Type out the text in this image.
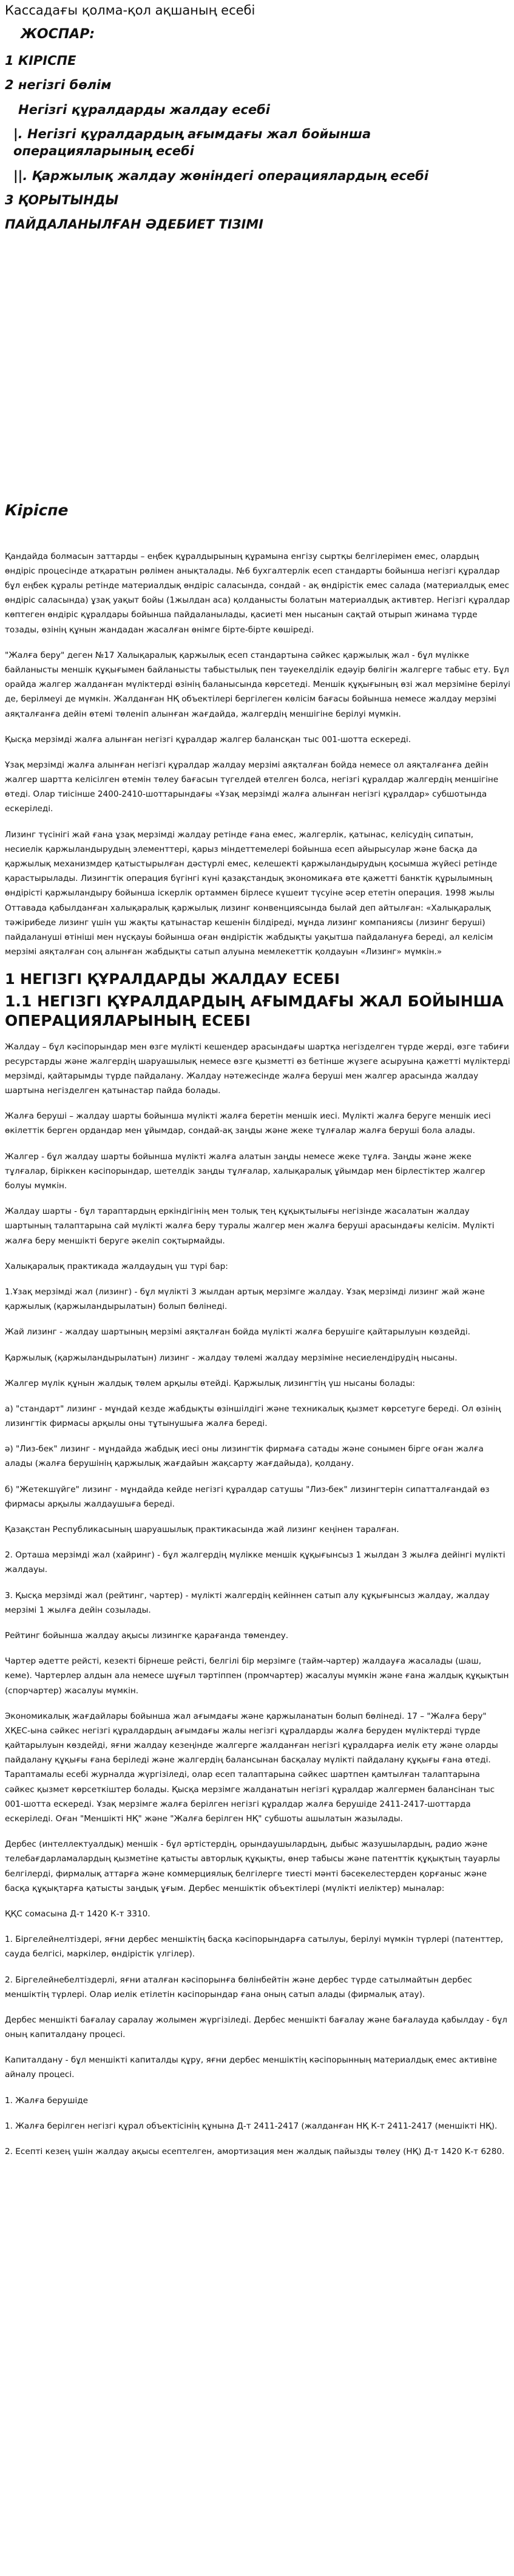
Кассадағы қолма-қол ақшаның есебі
ЖОСПАР:
1 КІРІСПЕ
2 негізгі бөлім
Негізгі құралдарды жалдау есебі
|. Негізгі құралдардың ағымдағы жал бойынша операцияларының есебі
||. Қаржылық жалдау жөніндегі операциялардың есебі
3 ҚОРЫТЫНДЫ
ПАЙДАЛАНЫЛҒАН ӘДЕБИЕТ ТІЗІМІ
Кіріспе

Қандайда болмасын заттарды – еңбек құралдырының құрамына енгізу сыртқы белгілерімен емес, олардың өндіріс процесінде атқаратын рөлімен анықталады. №6 бухгалтерлік есеп стандарты бойынша негізгі құралдар бұл еңбек құралы ретінде материалдық өндіріс саласында, сондай - ақ өндірістік емес салада (материалдық емес өндіріс саласында) ұзақ уақыт бойы (1жылдан аса) қолданысты болатын материалдық активтер. Негізгі құралдар көптеген өндіріс құралдары бойынша пайдаланылады, қасиеті мен нысанын сақтай отырып жинама түрде тозады, өзінің құнын жандадан жасалған өнімге бірте-бірте көшіреді.

"Жалға беру" деген №17 Халықаралық қаржылық есеп стандартына сәйкес қаржылық жал - бұл мүлікке байланысты меншік құқығымен байланысты табыстылық пен тәуекелділік едәуір бөлігін жалгерге табыс ету. Бұл орайда жалгер жалданған мүліктерді өзінің баланысында көрсетеді. Меншік құқығының өзі жал мерзіміне берілуі де, берілмеуі де мүмкін. Жалданған НҚ объектілері бергілеген көлісім бағасы бойынша немесе жалдау мерзімі аяқталғанға дейін өтемі төленіп алынған жағдайда, жалгердің меншігіне берілуі мүмкін.

Қысқа мерзімді жалға алынған негізгі құралдар жалгер балансқан тыс 001-шотта ескереді.

Ұзақ мерзімді жалға алынған негізгі құралдар жалдау мерзімі аяқталған бойда немесе ол аяқталғанға дейін жалгер шартта келісілген өтемін төлеу бағасын түгелдей өтелген болса, негізгі құралдар жалгердің меншігіне өтеді. Олар тиісінше 2400-2410-шоттарындағы «Ұзақ мерзімді жалға алынған негізгі құралдар» субшотында ескеріледі.

Лизинг түсінігі жай ғана ұзақ мерзімді жалдау ретінде ғана емес, жалгерлік, қатынас, келісудің сипатын, несиелік қаржыландырудың элементтері, қарыз міндеттемелері бойынша есеп айырысулар және басқа да қаржылық механизмдер қатыстырылған дәстүрлі емес, келешекті қаржыландырудың қосымша жүйесі ретінде қарастырылады. Лизингтік операция бүгінгі күні қазақстандық экономикаға өте қажетті банктік құрылымның өндірісті қаржыландыру бойынша іскерлік ортаммен бірлесе күшеит түсуіне әсер ететін операция. 1998 жылы Оттавада қабылданған халықаралық қаржылық лизинг конвенциясында былай деп айтылған: «Халықаралық тәжірибеде лизинг үшін үш жақты қатынастар кешенін білдіреді, мұнда лизинг компаниясы (лизинг беруші) пайдалануші өтініші мен нұсқауы бойынша оған өндірістік жабдықты уақытша пайдалануға береді, ал келісім мерзімі аяқталған соң алынған жабдықты сатып алуына мемлекеттік қолдауын «Лизинг» мүмкін.»

1 НЕГІЗГІ ҚҰРАЛДАРДЫ ЖАЛДАУ ЕСЕБІ
1.1 НЕГІЗГІ ҚҰРАЛДАРДЫҢ АҒЫМДАҒЫ ЖАЛ БОЙЫНША ОПЕРАЦИЯЛАРЫНЫҢ ЕСЕБІ

Жалдау – бұл кәсіпорындар мен өзге мүлікті кешендер арасындағы шартқа негізделген түрде жердi, өзге табиғи ресурстарды және жалгердің шаруашылық немесе өзге қызметті өз бетінше жүзеге асыруына қажетті мүліктерді мерзімді, қайтарымды түрде пайдалану. Жалдау нәтежесінде жалға берушi мен жалгер арасында жалдау шартына негізделген қатынастар пайда болады.

Жалға беруші – жалдау шарты бойынша мүлікті жалға беретін меншік иесі. Мүлікті жалға беруге меншік иесі өкілеттік берген ордандар мен ұйымдар, сондай-ақ заңды және жеке тұлғалар жалға беруші бола алады.

Жалгер - бұл жалдау шарты бойынша мүлікті жалға алатын заңды немесе жеке тұлға. Заңды және жеке тұлғалар, біріккен кәсіпорындар, шетелдік заңды тұлғалар, халықаралық ұйымдар мен бірлестіктер жалгер болуы мүмкін.

Жалдау шарты - бұл тараптардың еркіндігінің мен толық тең құқықтылығы негізінде жасалатын жалдау шартының талаптарына сай мүлікті жалға беру туралы жалгер мен жалға беруші арасындағы келісім. Мүлікті жалға беру меншікті беруге әкеліп соқтырмайды.

Халықаралық практикада жалдаудың үш түрі бар:

1.Ұзақ мерзімді жал (лизинг) - бұл мүлікті 3 жылдан артық мерзімге жалдау. Ұзақ мерзімді лизинг жай және қаржылық (қаржыландырылатын) болып бөлінеді.

Жай лизинг - жалдау шартының мерзімі аяқталған бойда мүлікті жалға берушіге қайтарылуын көздейді.

Қаржылық (қаржыландырылатын) лизинг - жалдау төлемі жалдау мерзіміне несиелендірудің нысаны.

Жалгер мүлік құнын жалдық төлем арқылы өтейді. Қаржылық лизингтің үш нысаны болады:

а) "стандарт" лизинг - мұндай кезде жабдықты өзіншілдігі және техникалық қызмет көрсетуге береді. Ол өзінің лизингтік фирмасы арқылы оны тұтынушыға жалға береді.

ә) "Лиз-бек" лизинг - мұндайда жабдық иесі оны лизингтік фирмаға сатады және сонымен бірге оған жалға алады (жалға берушінің қаржылық жағдайын жақсарту жағдайыда), қолдану.

б) "Жетекшүйге" лизинг - мұндайда кейде негізгі құралдар сатушы "Лиз-бек" лизингтерін сипатталғандай өз фирмасы арқылы жалдаушыға береді.

Қазақстан Республикасының шаруашылық практикасында жай лизинг кеңінен таралған.

2. Орташа мерзімді жал (хайринг) - бұл жалгердің мүлікке меншік құқығынсыз 1 жылдан 3 жылға дейінгі мүлікті жалдауы.

3. Қысқа мерзімді жал (рейтинг, чартер) - мүлікті жалгердің кейіннен сатып алу құқығынсыз жалдау, жалдау мерзімі 1 жылға дейін созылады.

Рейтинг бойынша жалдау ақысы лизингке қарағанда төмендеу.

Чартер әдетте рейсті, кезекті бірнеше рейсті, белгілі бір мерзімге (тайм-чартер) жалдауға жасалады (шаш, кеме). Чартерлер алдын ала немесе шұғыл тәртіппен (промчартер) жасалуы мүмкін және ғана жалдық құқықтын (спорчартер) жасалуы мүмкін.

Экономикалық жағдайлары бойынша жал ағымдағы және қаржыланатын болып бөлінеді. 17 – "Жалға беру" ХҚЕС-ына сәйкес негізгі құралдардың ағымдағы жалы негізгі құралдарды жалға беруден мүліктерді түрде қайтарылуын көздейді, яғни жалдау кезеңінде жалгерге жалданған негізгі құралдарға иелік ету және оларды пайдалану құқығы ғана беріледі және жалгердің балансынан басқалау мүлікті пайдалану құқығы ғана өтеді. Тараптамалы есебі журналда жүргізіледі, олар есеп талаптарына сәйкес шартпен қамтылған талаптарына сәйкес қызмет көрсеткіштер болады. Қысқа мерзімге жалданатын негізгі құралдар жалгермен балансінан тыс 001-шотта ескереді. Ұзақ мерзімге жалға берілген негізгі құралдар жалға берушіде 2411-2417-шоттарда ескеріледі. Оған "Меншікті НҚ" және "Жалға берілген НҚ" субшоты ашылатын жазылады.

Дербес (интеллектуалдық) меншік - бұл әртістердің, орындаушылардың, дыбыс жазушылардың, радио және телебағдарламалардың қызметіне қатысты авторлық құқықты, өнер табысы және патенттік құқықтың тауарлы белгілерді, фирмалық аттарға және коммерциялық белгілерге тиесті мәнті бәсекелестерден қорғаныс және басқа құқықтарға қатысты заңдық ұғым. Дербес меншіктік объектілері (мүлікті иеліктер) мыналар:

ҚҚС сомасына Д-т 1420 К-т 3310.

1. Біргелейнелтіздері, яғни дербес меншіктің басқа кәсіпорындарға сатылуы, берілуі мүмкін түрлері (патенттер, сауда белгісі, маркілер, өндірістік үлгілер).

2. Біргелейнебелтіздерлі, яғни аталған кәсіпорынға бөлінбейтін және дербес түрде сатылмайтын дербес меншіктің түрлері. Олар иелік етілетін кәсіпорындар ғана оның сатып алады (фирмалық атау).

Дербес меншікті бағалау саралау жолымен жүргізіледі. Дербес меншікті бағалау және бағалауда қабылдау - бұл оның капиталдану процесі.

Капиталдану - бұл меншікті капиталды құру, яғни дербес меншіктің кәсіпорынның материалдық емес активіне айналу процесі.

1. Жалға берушіде

1. Жалға берілген негізгі құрал объектісінің құнына Д-т 2411-2417 (жалданған НҚ К-т 2411-2417 (меншікті НҚ).

2. Есепті кезең үшін жалдау ақысы есептелген, амортизация мен жалдық пайызды төлеу (НҚ) Д-т 1420 К-т 6280.
